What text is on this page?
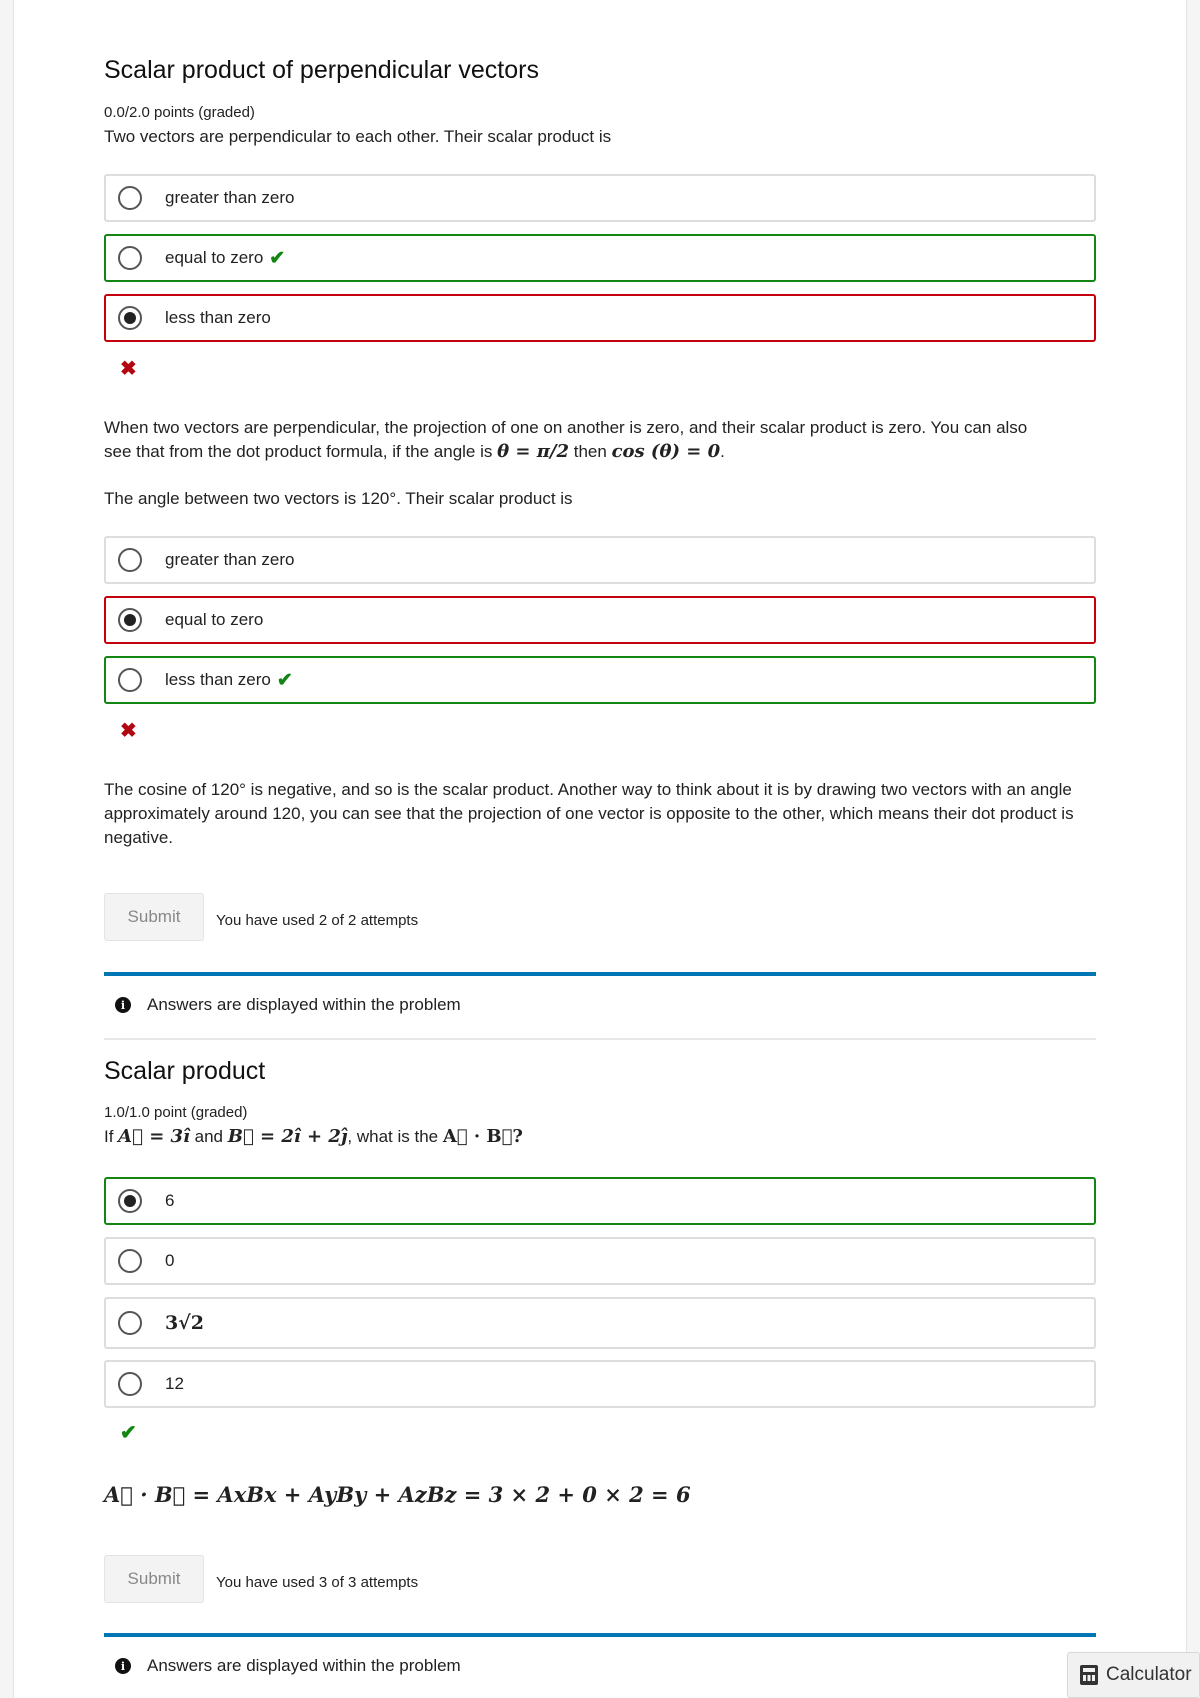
Scalar product of perpendicular vectors
0.0/2.0 points (graded)
Two vectors are perpendicular to each other. Their scalar product is
greater than zero
equal to zero ✔
less than zero
✖
When two vectors are perpendicular, the projection of one on another is zero, and their scalar product is zero. You can also
see that from the dot product formula, if the angle is θ = π/2 then cos (θ) = 0.
The angle between two vectors is 120°. Their scalar product is
greater than zero
equal to zero
less than zero ✔
✖
The cosine of 120° is negative, and so is the scalar product. Another way to think about it is by drawing two vectors with an angle approximately around 120, you can see that the projection of one vector is opposite to the other, which means their dot product is negative.
Submit	You have used 2 of 2 attempts
i	Answers are displayed within the problem
Scalar product
1.0/1.0 point (graded)
If A⃗ = 3î and B⃗ = 2î + 2ĵ, what is the A⃗ · B⃗?
6
0
3√2
12
✔
A⃗ · B⃗ = AxBx + AyBy + AzBz = 3 × 2 + 0 × 2 = 6
Submit	You have used 3 of 3 attempts
i	Answers are displayed within the problem	Calculator
